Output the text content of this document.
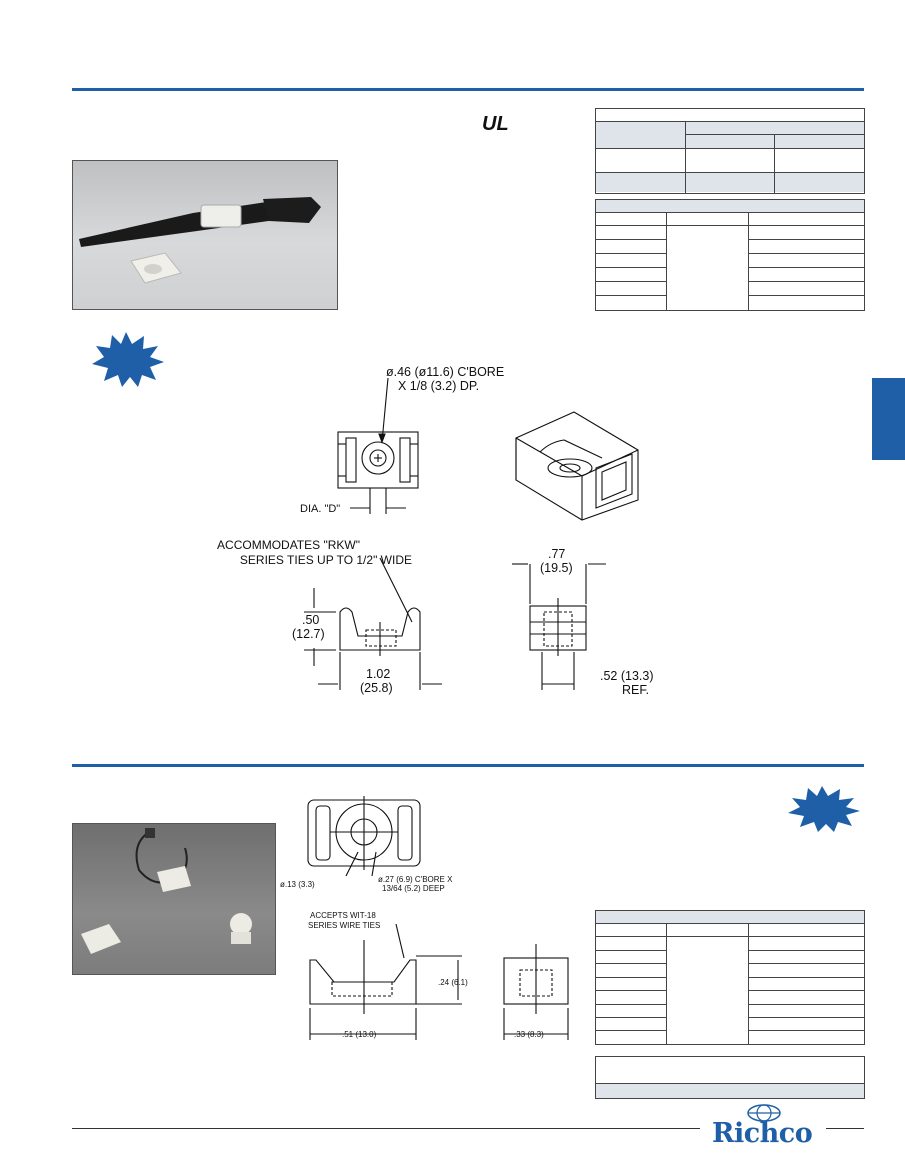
UL
ø.46 (ø11.6) C'BORE
X 1/8 (3.2) DP.
DIA. "D"
ACCOMMODATES "RKW"
SERIES TIES UP TO 1/2" WIDE
.50
(12.7)
1.02
(25.8)
.77
(19.5)
.52 (13.3)
REF.
ø.13 (3.3)
ø.27 (6.9) C'BORE X
13/64 (5.2) DEEP
ACCEPTS WIT-18
SERIES WIRE TIES
.24 (6.1)
.51 (13.0)	.33 (8.3)
Richco
